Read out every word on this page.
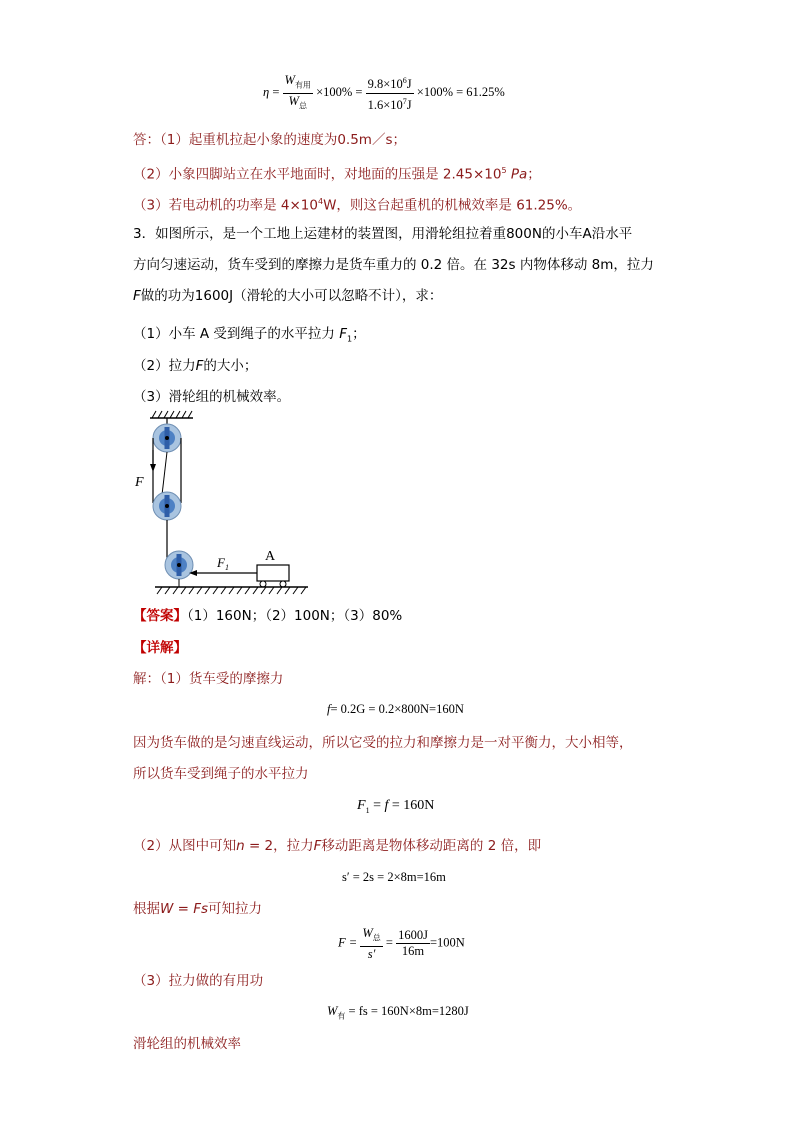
$\eta = \frac{W_{有用}}{W_总} \times 100\% = \frac{9.8\times 10^6J}{1.6\times 10^7J} \times 100\% = 61.25\%$
答：（1）起重机拉起小象的速度为0.5m／s；
（2）小象四脚站立在水平地面时，对地面的压强是 $2.45\times 10^5$ Pa；
（3）若电动机的功率是 $4\times 10^4W$，则这台起重机的机械效率是 61.25%。
3．如图所示，是一个工地上运建材的装置图，用滑轮组拉着重800N的小车A沿水平
方向匀速运动，货车受到的摩擦力是货车重力的 0.2 倍。在 32s 内物体移动 8m，拉力
F做的功为1600J（滑轮的大小可以忽略不计），求：
（1）小车 A 受到绳子的水平拉力 $F_1$；
（2）拉力F的大小；
（3）滑轮组的机械效率。
F
$F_1$
A
【答案】（1）160N；（2）100N；（3）80%
【详解】
解：（1）货车受的摩擦力
f= 0.2G = 0.2×800N=160N
因为货车做的是匀速直线运动，所以它受的拉力和摩擦力是一对平衡力，大小相等，
所以货车受到绳子的水平拉力
$F_1 = f = 160N$
（2）从图中可知n = 2，拉力F移动距离是物体移动距离的 2 倍，即
s′ = 2s = 2×8m=16m
根据W = Fs可知拉力
$F = \frac{W_总}{s'} = \frac{1600J}{16m} =100N$
（3）拉力做的有用功
$W_有$ = fs = 160N×8m=1280J
滑轮组的机械效率
